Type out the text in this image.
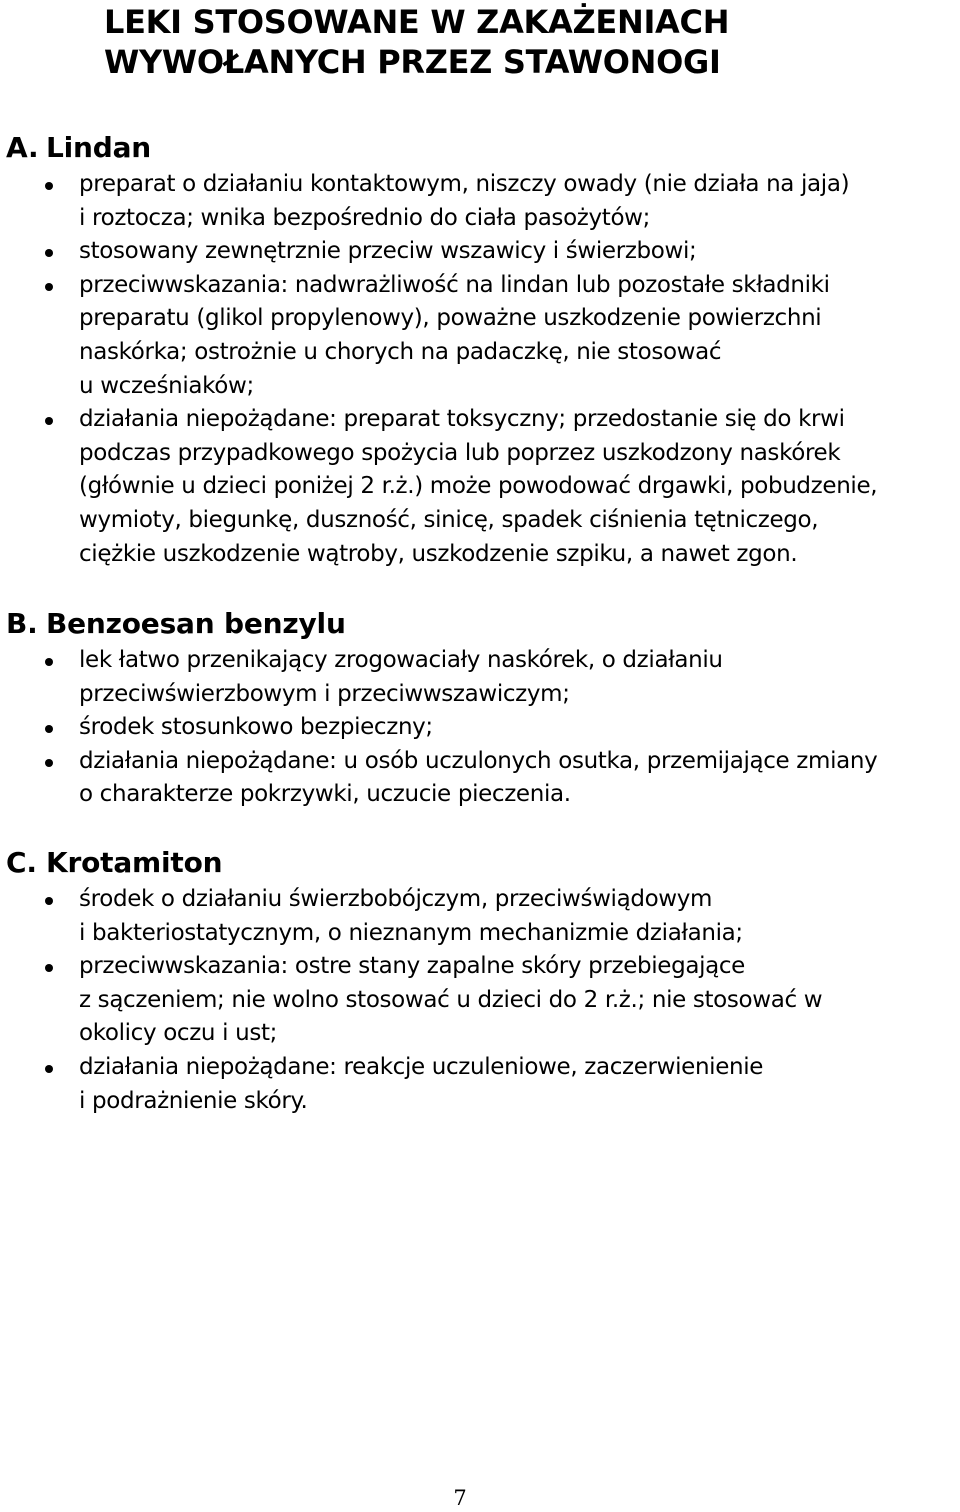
LEKI STOSOWANE W ZAKAŻENIACH
WYWOŁANYCH PRZEZ STAWONOGI
A. Lindan
preparat o działaniu kontaktowym, niszczy owady (nie działa na jaja)
i roztocza; wnika bezpośrednio do ciała pasożytów;
stosowany zewnętrznie przeciw wszawicy i świerzbowi;
przeciwwskazania: nadwrażliwość na lindan lub pozostałe składniki
preparatu (glikol propylenowy), poważne uszkodzenie powierzchni
naskórka; ostrożnie u chorych na padaczkę, nie stosować
u wcześniaków;
działania niepożądane: preparat toksyczny; przedostanie się do krwi
podczas przypadkowego spożycia lub poprzez uszkodzony naskórek
(głównie u dzieci poniżej 2 r.ż.) może powodować drgawki, pobudzenie,
wymioty, biegunkę, duszność, sinicę, spadek ciśnienia tętniczego,
ciężkie uszkodzenie wątroby, uszkodzenie szpiku, a nawet zgon.
B. Benzoesan benzylu
lek łatwo przenikający zrogowaciały naskórek, o działaniu
przeciwświerzbowym i przeciwwszawiczym;
środek stosunkowo bezpieczny;
działania niepożądane: u osób uczulonych osutka, przemijające zmiany
o charakterze pokrzywki, uczucie pieczenia.
C. Krotamiton
środek o działaniu świerzbobójczym, przeciwświądowym
i bakteriostatycznym, o nieznanym mechanizmie działania;
przeciwwskazania: ostre stany zapalne skóry przebiegające
z sączeniem; nie wolno stosować u dzieci do 2 r.ż.; nie stosować w
okolicy oczu i ust;
działania niepożądane: reakcje uczuleniowe, zaczerwienienie
i podrażnienie skóry.
7
